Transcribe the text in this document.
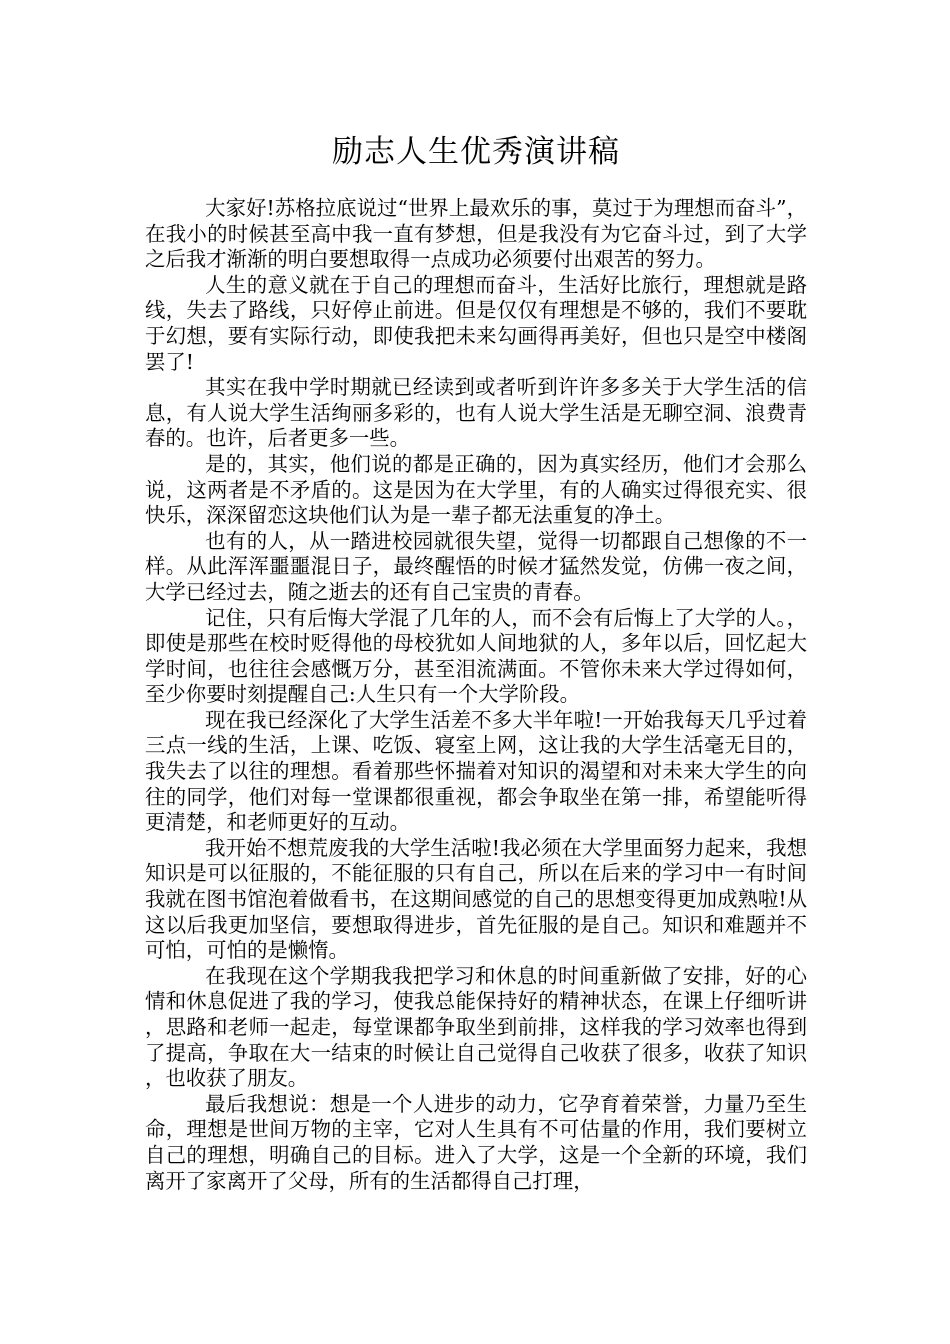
励志人生优秀演讲稿

大家好!苏格拉底说过“世界上最欢乐的事，莫过于为理想而奋斗”，在我小的时候甚至高中我一直有梦想，但是我没有为它奋斗过，到了大学之后我才渐渐的明白要想取得一点成功必须要付出艰苦的努力。

人生的意义就在于自己的理想而奋斗，生活好比旅行，理想就是路线，失去了路线，只好停止前进。但是仅仅有理想是不够的，我们不要耽于幻想，要有实际行动，即使我把未来勾画得再美好，但也只是空中楼阁罢了!

其实在我中学时期就已经读到或者听到许许多多关于大学生活的信息，有人说大学生活绚丽多彩的，也有人说大学生活是无聊空洞、浪费青春的。也许，后者更多一些。

是的，其实，他们说的都是正确的，因为真实经历，他们才会那么说，这两者是不矛盾的。这是因为在大学里，有的人确实过得很充实、很快乐，深深留恋这块他们认为是一辈子都无法重复的净土。

也有的人，从一踏进校园就很失望，觉得一切都跟自己想像的不一样。从此浑浑噩噩混日子，最终醒悟的时候才猛然发觉，仿佛一夜之间，大学已经过去，随之逝去的还有自己宝贵的青春。

记住，只有后悔大学混了几年的人，而不会有后悔上了大学的人。，即使是那些在校时贬得他的母校犹如人间地狱的人，多年以后，回忆起大学时间，也往往会感慨万分，甚至泪流满面。不管你未来大学过得如何，至少你要时刻提醒自己:人生只有一个大学阶段。

现在我已经深化了大学生活差不多大半年啦!一开始我每天几乎过着三点一线的生活，上课、吃饭、寝室上网，这让我的大学生活毫无目的，我失去了以往的理想。看着那些怀揣着对知识的渴望和对未来大学生的向往的同学，他们对每一堂课都很重视，都会争取坐在第一排，希望能听得更清楚，和老师更好的互动。

我开始不想荒废我的大学生活啦!我必须在大学里面努力起来，我想知识是可以征服的，不能征服的只有自己，所以在后来的学习中一有时间我就在图书馆泡着做看书，在这期间感觉的自己的思想变得更加成熟啦!从这以后我更加坚信，要想取得进步，首先征服的是自己。知识和难题并不可怕，可怕的是懒惰。

在我现在这个学期我我把学习和休息的时间重新做了安排，好的心情和休息促进了我的学习，使我总能保持好的精神状态，在课上仔细听讲，思路和老师一起走，每堂课都争取坐到前排，这样我的学习效率也得到了提高，争取在大一结束的时候让自己觉得自己收获了很多，收获了知识，也收获了朋友。

最后我想说：想是一个人进步的动力，它孕育着荣誉，力量乃至生命，理想是世间万物的主宰，它对人生具有不可估量的作用，我们要树立自己的理想，明确自己的目标。进入了大学，这是一个全新的环境，我们离开了家离开了父母，所有的生活都得自己打理，
